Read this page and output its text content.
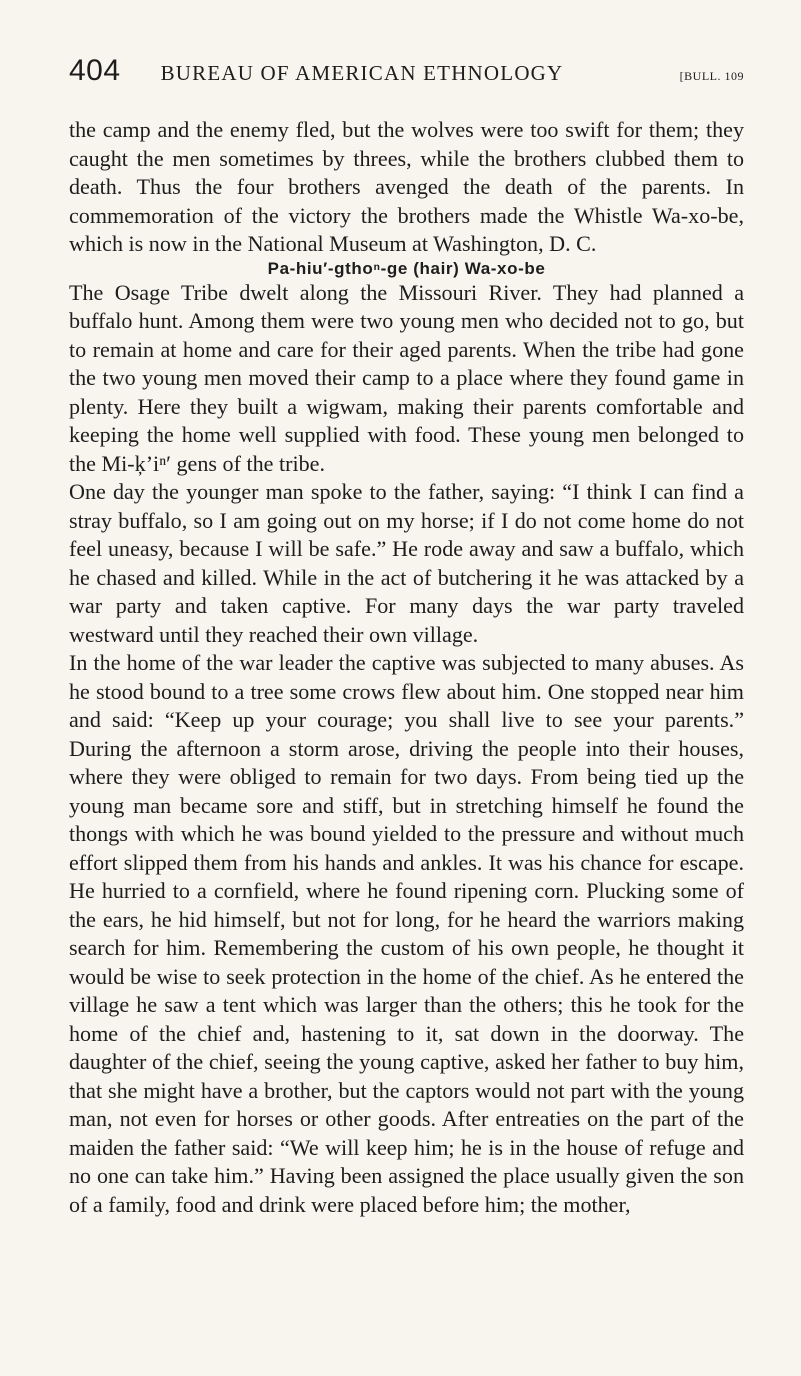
404 BUREAU OF AMERICAN ETHNOLOGY	[BULL. 109

the camp and the enemy fled, but the wolves were too swift for them; they caught the men sometimes by threes, while the brothers clubbed them to death. Thus the four brothers avenged the death of the parents. In commemoration of the victory the brothers made the Whistle Wa-xo-be, which is now in the National Museum at Washington, D. C.

Pa-hiu′-gthoⁿ-ge (hair) Wa-xo-be

The Osage Tribe dwelt along the Missouri River. They had planned a buffalo hunt. Among them were two young men who decided not to go, but to remain at home and care for their aged parents. When the tribe had gone the two young men moved their camp to a place where they found game in plenty. Here they built a wigwam, making their parents comfortable and keeping the home well supplied with food. These young men belonged to the Mi-ķ’iⁿ′ gens of the tribe.

One day the younger man spoke to the father, saying: “I think I can find a stray buffalo, so I am going out on my horse; if I do not come home do not feel uneasy, because I will be safe.” He rode away and saw a buffalo, which he chased and killed. While in the act of butchering it he was attacked by a war party and taken captive. For many days the war party traveled westward until they reached their own village.

In the home of the war leader the captive was subjected to many abuses. As he stood bound to a tree some crows flew about him. One stopped near him and said: “Keep up your courage; you shall live to see your parents.” During the afternoon a storm arose, driving the people into their houses, where they were obliged to remain for two days. From being tied up the young man became sore and stiff, but in stretching himself he found the thongs with which he was bound yielded to the pressure and without much effort slipped them from his hands and ankles. It was his chance for escape. He hurried to a cornfield, where he found ripening corn. Plucking some of the ears, he hid himself, but not for long, for he heard the warriors making search for him. Remembering the custom of his own people, he thought it would be wise to seek protection in the home of the chief. As he entered the village he saw a tent which was larger than the others; this he took for the home of the chief and, hastening to it, sat down in the doorway. The daughter of the chief, seeing the young captive, asked her father to buy him, that she might have a brother, but the captors would not part with the young man, not even for horses or other goods. After entreaties on the part of the maiden the father said: “We will keep him; he is in the house of refuge and no one can take him.” Having been assigned the place usually given the son of a family, food and drink were placed before him; the mother,
